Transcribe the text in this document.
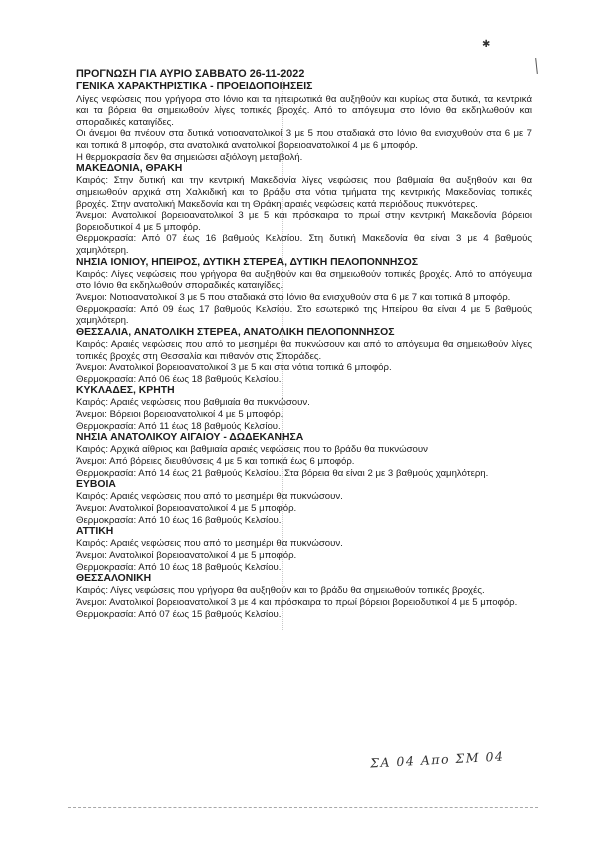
✱

ΠΡΟΓΝΩΣΗ ΓΙΑ ΑΥΡΙΟ ΣΑΒΒΑΤΟ 26-11-2022

ΓΕΝΙΚΑ ΧΑΡΑΚΤΗΡΙΣΤΙΚΑ - ΠΡΟΕΙΔΟΠΟΙΗΣΕΙΣ

Λίγες νεφώσεις που γρήγορα στο Ιόνιο και τα ηπειρωτικά θα αυξηθούν και κυρίως στα δυτικά, τα κεντρικά και τα βόρεια θα σημειωθούν λίγες τοπικές βροχές. Από το απόγευμα στο Ιόνιο θα εκδηλωθούν και σποραδικές καταιγίδες.

Οι άνεμοι θα πνέουν στα δυτικά νοτιοανατολικοί 3 με 5 που σταδιακά στο Ιόνιο θα ενισχυθούν στα 6 με 7 και τοπικά 8 μποφόρ, στα ανατολικά ανατολικοί βορειοανατολικοί 4 με 6 μποφόρ.

Η θερμοκρασία δεν θα σημειώσει αξιόλογη μεταβολή.

ΜΑΚΕΔΟΝΙΑ, ΘΡΑΚΗ

Καιρός: Στην δυτική και την κεντρική Μακεδονία λίγες νεφώσεις που βαθμιαία θα αυξηθούν και θα σημειωθούν αρχικά στη Χαλκιδική και το βράδυ στα νότια τμήματα της κεντρικής Μακεδονίας τοπικές βροχές. Στην ανατολική Μακεδονία και τη Θράκη αραιές νεφώσεις κατά περιόδους πυκνότερες.

Άνεμοι: Ανατολικοί βορειοανατολικοί 3 με 5 και πρόσκαιρα το πρωί στην κεντρική Μακεδονία βόρειοι βορειοδυτικοί 4 με 5 μποφόρ.

Θερμοκρασία: Από 07 έως 16 βαθμούς Κελσίου. Στη δυτική Μακεδονία θα είναι 3 με 4 βαθμούς χαμηλότερη.

ΝΗΣΙΑ ΙΟΝΙΟΥ, ΗΠΕΙΡΟΣ, ΔΥΤΙΚΗ ΣΤΕΡΕΑ, ΔΥΤΙΚΗ ΠΕΛΟΠΟΝΝΗΣΟΣ

Καιρός: Λίγες νεφώσεις που γρήγορα θα αυξηθούν και θα σημειωθούν τοπικές βροχές. Από το απόγευμα στο Ιόνιο θα εκδηλωθούν σποραδικές καταιγίδες.

Άνεμοι: Νοτιοανατολικοί 3 με 5 που σταδιακά στο Ιόνιο θα ενισχυθούν στα 6 με 7 και τοπικά 8 μποφόρ.

Θερμοκρασία: Από 09 έως 17 βαθμούς Κελσίου. Στο εσωτερικό της Ηπείρου θα είναι 4 με 5 βαθμούς χαμηλότερη.

ΘΕΣΣΑΛΙΑ, ΑΝΑΤΟΛΙΚΗ ΣΤΕΡΕΑ, ΑΝΑΤΟΛΙΚΗ ΠΕΛΟΠΟΝΝΗΣΟΣ

Καιρός: Αραιές νεφώσεις που από το μεσημέρι θα πυκνώσουν και από το απόγευμα θα σημειωθούν λίγες τοπικές βροχές στη Θεσσαλία και πιθανόν στις Σποράδες.

Άνεμοι: Ανατολικοί βορειοανατολικοί 3 με 5 και στα νότια τοπικά 6 μποφόρ.

Θερμοκρασία: Από 06 έως 18 βαθμούς Κελσίου.

ΚΥΚΛΑΔΕΣ, ΚΡΗΤΗ

Καιρός: Αραιές νεφώσεις που βαθμιαία θα πυκνώσουν.

Άνεμοι: Βόρειοι βορειοανατολικοί 4 με 5 μποφόρ.

Θερμοκρασία: Από 11 έως 18 βαθμούς Κελσίου.

ΝΗΣΙΑ ΑΝΑΤΟΛΙΚΟΥ ΑΙΓΑΙΟΥ - ΔΩΔΕΚΑΝΗΣΑ

Καιρός: Αρχικά αίθριος και βαθμιαία αραιές νεφώσεις που το βράδυ θα πυκνώσουν

Άνεμοι: Από βόρειες διευθύνσεις 4 με 5 και τοπικά έως 6 μποφόρ.

Θερμοκρασία: Από 14 έως 21 βαθμούς Κελσίου. Στα βόρεια θα είναι 2 με 3 βαθμούς χαμηλότερη.

ΕΥΒΟΙΑ

Καιρός: Αραιές νεφώσεις που από το μεσημέρι θα πυκνώσουν.

Άνεμοι: Ανατολικοί βορειοανατολικοί 4 με 5 μποφόρ.

Θερμοκρασία: Από 10 έως 16 βαθμούς Κελσίου.

ΑΤΤΙΚΗ

Καιρός: Αραιές νεφώσεις που από το μεσημέρι θα πυκνώσουν.

Άνεμοι: Ανατολικοί βορειοανατολικοί 4 με 5 μποφόρ.

Θερμοκρασία: Από 10 έως 18 βαθμούς Κελσίου.

ΘΕΣΣΑΛΟΝΙΚΗ

Καιρός: Λίγες νεφώσεις που γρήγορα θα αυξηθούν και το βράδυ θα σημειωθούν τοπικές βροχές.

Άνεμοι: Ανατολικοί βορειοανατολικοί 3 με 4 και πρόσκαιρα το πρωί βόρειοι βορειοδυτικοί 4 με 5 μποφόρ.

Θερμοκρασία: Από 07 έως 15 βαθμούς Κελσίου.

ΣΑ 04 Απο ΣΜ 04
